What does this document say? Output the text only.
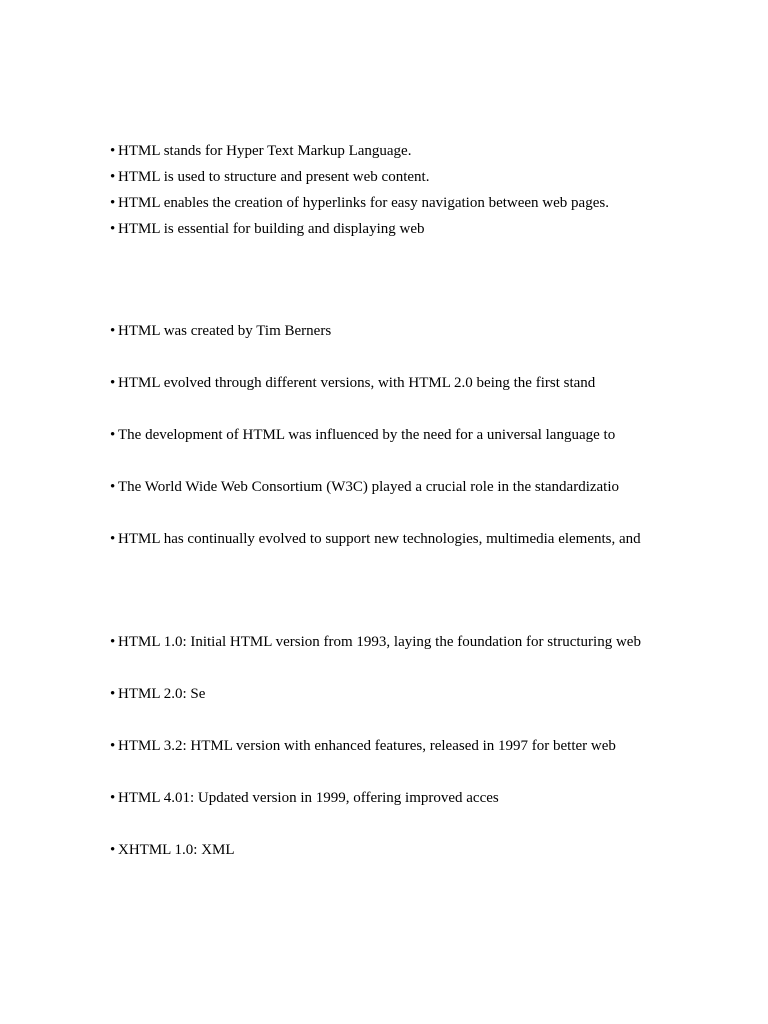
• HTML stands for Hyper Text Markup Language.
• HTML is used to structure and present web content.
• HTML enables the creation of hyperlinks for easy navigation between web pages.
• HTML is essential for building and displaying web
• HTML was created by Tim Berners
• HTML evolved through different versions, with HTML 2.0 being the first stand
• The development of HTML was influenced by the need for a universal language to
• The World Wide Web Consortium (W3C) played a crucial role in the standardizatio
• HTML has continually evolved to support new technologies, multimedia elements, and
• HTML 1.0: Initial HTML version from 1993, laying the foundation for structuring web
• HTML 2.0: Se
• HTML 3.2: HTML version with enhanced features, released in 1997 for better web
• HTML 4.01: Updated version in 1999, offering improved acces
• XHTML 1.0: XML
